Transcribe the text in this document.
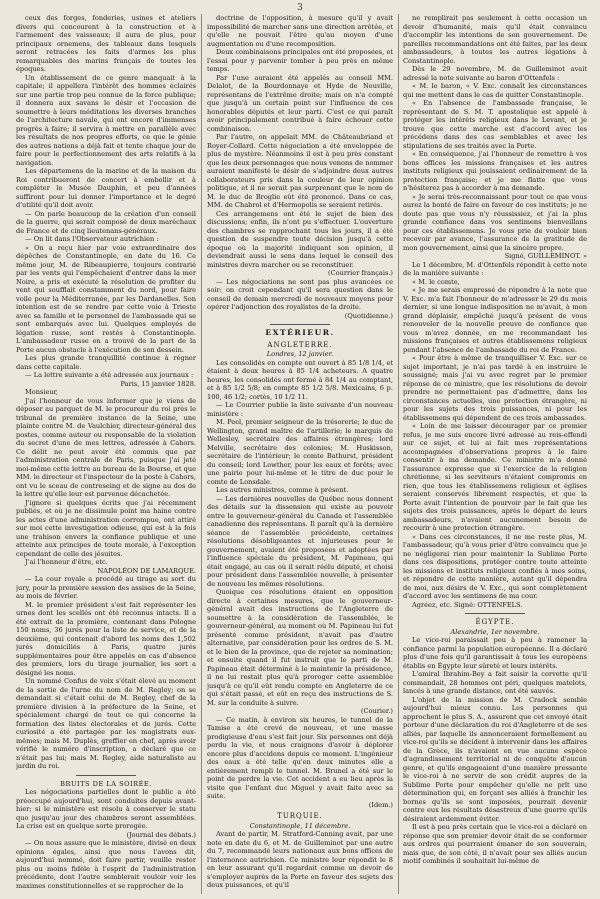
3

ceux des forges, fonderies, usines et ateliers divers qui concourent à la construction et à l'armement des vaisseaux; il aura de plus, pour principaux ornemens, des tableaux dans lesquels seront retracées les faits d'armes les plus remarquables des marins français de toutes les époques.

Un établissement de ce genre manquait à la capitale; il appellera l'intérêt des hommes éclairés sur une partie trop peu connue de la force publique; il donnera aux savans le désir et l'occasion de soumettre à leurs méditations les diverses branches de l'architecture navale, qui ont encore d'immenses progrès à faire; il servira à mettre en parallèle avec les résultats de nos propres efforts, ce que le génie des autres nations a déjà fait et tente chaque jour de faire pour le perfectionnement des arts relatifs à la navigation.

Les départemens de la marine et de la maison du Roi contribueront de concert à embellir et à compléter le Musée Dauphin, et peu d'années suffiront pour lui donner l'importance et le degré d'utilité qu'il doit avoir.

— On parle beaucoup de la création d'un conseil de la guerre, qui serait composé de deux maréchaux de France et de cinq lieutenans-généraux.

— On lit dans l'Observateur autrichien :

« On a reçu hier par voie extraordinaire des dépêches de Constantinople, en date du 16. Ce même jour, M. de Ribeaupierre, toujours contrarié par les vents qui l'empêchaient d'entrer dans la mer Noire, a pris et exécuté la résolution de profiter du vent qui soufflait constamment du nord, pour faire voile pour la Méditerranée, par les Dardanelles. Son intention est de se rendre par cette voie à Trieste avec sa famille et le personnel de l'ambassade qui se sont embarqués avec lui. Quelques employés de légation russe, sont restés à Constantinople. L'ambassadeur russe en a trouvé de la part de la Porte aucun obstacle à l'exécution de son dessein.

Les plus grande tranquillité continue à régner dans cette capitale.

— La lettre suivante a été adressée aux journaux :

Paris, 15 janvier 1828.

Monsieur,

J'ai l'honneur de vous informer que je viens de déposer au parquet de M. le procureur du roi près le tribunal de première instance de la Seine, une plainte contre M. de Vaulchier, directeur-général des postes, comme auteur ou responsable de la violation du secret d'une de mes lettres, adressée à Cahors. Ce délit ne peut avoir été commis que par l'administration centrale de Paris, puisque j'ai jeté moi-même cette lettre au bureau de la Bourse, et que MM. le directeur et l'inspecteur de la poste à Cahors, ont vu le sceau de contreseing et de signe au dos de la lettre qu'elle leur est parvenue décachetée.

J'ignore si quelques écrits que j'ai récemment publiés, et où je ne dissimule point ma haine contre les actes d'une administration corrompue, ont attiré sur moi cette investigation odieuse, qui est à la fois une trahison envers la confiance publique et une atteinte aux principes de toute morale, à l'exception cependant de celle des jésuites.

J'ai l'honneur d'être, etc.

NAPOLÉON DE LAMARQUE.

— La cour royale a procédé au tirage au sort du jury, pour la première session des assises de la Seine, au mois de février.

M. le premier président s'est fait représenter les urnes dont les scellés ont été reconnus intacts. Il a été extrait de la première, contenant dans Pologne 150 noms, 36 jurés pour la liste de service, et de la deuxième, qui contenait d'abord les noms des 1,502 jurés domiciliés à Paris, quatre jurés supplémentaires pour être appelés en cas d'absence des premiers, lors du tirage journalier, les sort a désigné les noms.

Un nommé Confus de voix s'était élevé au moment de la sortie de l'urne du nom de M. Regley; on se demandait si c'était celui de M. Regley, chef de la première division à la préfecture de la Seine, et spécialement chargé de tout ce qui concerne la formation des listes électorales et de jurés. Cette curiosité a été partagée par les magistrats eux-mêmes; mais M. Duplès, greffier en chef, après avoir vérifié le numéro d'inscription, a déclaré que ce n'était pas lui; mais M. Regley, aide naturaliste au jardin du roi.

BRUITS DE LA SOIRÉE.

Les négociations partielles dont le public a été préoccupé aujourd'hui, sont conduites depuis avant-hier; si le ministère est résolu à conserver le statu quo jusqu'au jour des chambres seront assemblées. La crise est en quelque sorte prorogée.

(Journal des débats.)

— On nous assure que le ministère, divisé en deux opinions égales, ainsi que nous l'avons dit, aujourd'hui nommé, doit faire partir, veuille rester plus ou moins fidèle à l'esprit de l'administration précédente, dont l'autre semblerait vouloir voir les maximes constitutionnelles et se rapprocher de la

doctrine de l'opposition, à mesure qu'il y avait impossibilité de marcher sans une direction arrêtée, et qu'elle ne pouvait l'être qu'au moyen d'une augmentation ou d'une recomposition.

Deux combinaisons principales ont été proposées, et l'essai pour y parvenir tomber à peu près en même temps.

Par l'une auraient été appelés au conseil MM. Delalot, de la Bourdonnaye et Hyde de Neuville, représentans de l'extrême droite; mais on n'a compté que jusqu'à un certain point sur l'influence de ces honorables députés et leur parti. C'est ce qui paraît avoir principalement contribué à faire échouer cette combinaison.

Par l'autre, on appelait MM. de Châteaubriand et Royer-Collard. Cette négociation a été enveloppée de plus de mystère. Néanmoins il est à peu près constant que les deux personnages que nous venons de nommer auraient manifesté le désir de s'adjoindre deux autres collaborateurs pris dans la couleur de leur opinion politique, et il ne serait pas surprenant que le nom de M. le duc de Broglie eût été prononcé. Dans ce cas, MM. de Chabrol et d'Hermopolis se seraient retirés.

Ces arrangemens ont été le sujet de bien des discussions; enfin, ils n'ont pu s'effectuer. L'ouverture des chambres se rapprochant tous les jours, il a été question de suspendre toute décision jusqu'à cette époque où la majorité indiquant son opinion, il deviendrait aussi le sens dans lequel le conseil des ministres devra marcher ou se reconstituer.

(Courrier français.)

— Les négociations ne sont pas plus avancées ce soir: on croit cependant qu'il sera question dans le conseil de demain mercredi de nouveaux moyens pour opérer l'adjonction des royalistes de la droite.

(Quotidienne.)

EXTÉRIEUR.

ANGLETERRE.

Londres, 12 janvier.

Les consolidés en compte ont ouvert à 85 1/8 1/4, et étaient à deux heures à 85 1/4 acheteurs. A quatre heures, les consolidés ont fermé à 84 1/4 au comptant, et à 85 1/2 5/8; en compte 85 1/2 5/8. Mexicains, 6 p. 100, 46 1/2; cortès, 10 1/2 11.

— Le Courrier publie la liste suivante d'un nouveau ministère :

M. Peel, premier seigneur de la trésorerie; le duc de Wellington, grand maître de l'artillerie; le marquis de Wellesley, secrétaire des affaires étrangères; lord Melville, secrétaire des colonies; M. Huskisson, secrétaire de l'intérieur; le comte Bathurst, président du conseil; lord Lowther, pour les eaux et forêts; avec une pairie pour lui-même et le titre de duc pour le comte de Lonsdale.

Les autres ministres, comme à présent.

— Les dernières nouvelles de Québec nous donnent des détails sur la dissension qui existe au pouvoir entre le gouverneur-général du Canada et l'assemblée canadienne des représentans. Il paraît qu'à la dernière séance de l'assemblée précédente, certaines résolutions désobligeantes et injurieuses pour le gouvernement, avaient été proposées et adoptées par l'influence spéciale du président, M. Papineau, qui était engagé, au cas où il serait réélu député, et choisi pour président dans l'assemblée nouvelle, à présenter de nouveau les mêmes résolutions.

Quoique ces résolutions étaient en opposition directe à certaines mesures, que le gouverneur-général avait des instructions de l'Angleterre de soumettre à la considération de l'assemblée, le gouverneur-général, au moment où M. Papineau lui fut présenté comme président, n'avait pas d'autre alternative, par considération pour les ordres de S. M. et le bien de la province, que de rejeter sa nomination; et ensuite quand il fut instruit que le parti de M. Papineau était déterminé à le maintenir la présidence, il ne lui restait plus qu'à proroger cette assemblée jusqu'à ce qu'il eût rendu compte en Angleterre de ce qui s'était passé, et eût en reçu des instructions de S. M. sur la conduite à suivre.

(Courier.)

— Ce matin, à environ six heures, le tunnel de la Tamise a été crevé de nouveau, et une masse prodigieuse d'eau s'est fait jour. Six personnes ont déjà perdu la vie, et nous craignons d'avoir à déplorer encore plus d'accidens depuis ce moment. L'ingénieur des eaux a été telle qu'en deux minutes elle a entièrement rempli le tunnel. M. Brunel a été sur le point de perdre la vie. Cet accident a eu lieu après la visite que l'enfant duc Miguel y avait faite avec sa suite.

(Idem.)

TURQUIE.

Constantinople, 11 décembre.

Avant de partir, M. Stratford-Canning avait, par une note en date du 6, et M. de Guilleminot par une autre du 7, recommandé leurs nationaux aux bons offices de l'internonce autrichien. Ce ministre leur répondit le 8 en leur assurant qu'il regardait comme un devoir de s'employer auprès de la Porte en faveur des sujets des deux puissances, et qu'il

ne remplirait pas seulement à cette occasion un devoir d'humanité, mais qu'il était convaincu d'accomplir les intentions de son gouvernement. De pareilles recommandations ont été faites, par les deux ambassadeurs, à toutes les autres légations à Constantinople.

Dès le 29 novembre, M. de Guilleminot avait adressé la note suivante au baron d'Ottenfels :

« M. le baron, « V. Exc. connaît les circonstances qui me mettent dans le cas de quitter Constantinople.

« En l'absence de l'ambassade française, le représentant de S. M. T. apostolique est appelé à protéger les intérêts religieux dans le Levant, et je trouve que cette marche est d'accord avec les précédens dans des cas semblables et avec les stipulations de ses traités avec la Porte.

« En conséquence, j'ai l'honneur de remettre à vos bons offices les missions françaises et les autres instituts religieux qui jouissaient ordinairement de la protection française; et je me flatte que vous n'hésiterez pas à accorder à ma demande.

« Je serai très-reconnaissant pour tout ce que vous aurez la bonté de faire en faveur de ces instituts; je ne doute pas que vous n'y réussissiez, et j'ai la plus grande confiance dans vos sentimens bienveillans pour ces établissemens. Je vous prie de vouloir bien recevoir par avance, l'assurance de la gratitude de mon gouvernement, ainsi que la sincère propre.

Signé, GUILLEMINOT. »

Le 1 décembre, M. d'Ottenfels répondit à cette note de la manière suivante :

« M. le comte,

« Je me serais empressé de répondre à la note que V. Exc. m'a fait l'honneur de m'adresser le 29 du mois dernier, si une longue indisposition ne m'avait, à mon grand déplaisir, empêché jusqu'à présent de vous renouveler de la nouvelle preuve de confiance que vous m'avez donnée, en me recommandant les missions françaises et autres établissemens religieux pendant l'absence de l'ambassade du roi de France.

« Pour être à même de tranquilliser V. Exc. sur ce sujet important, je n'ai pas tardé à en instruire le soussigné; mais j'ai vu avec regret par le premier réponse de ce ministre, que les résolutions de devoir prendre ne permettaient pas d'admettre, dans les circonstances actuelles, une protection étrangère, ni pour les sujets des trois puissances, ni pour les établissemens qui dépendent de ces trois ambassades.

« Loin de me laisser décourager par ce premier refus, je me suis encore livré adressé au reis-effendi sur ce sujet, et lui ai fait mes représentations accompagnées d'observations propres à le faire consentir à ma demande. Ce ministre m'a donné l'assurance expresse que si l'exercice de la religion chrétienne, si les serviteurs n'étaient compromis en rien, que tous les établissemens religieux et églises seraient conservés librement respectés, et que la Porte avait l'intention de pourvoir par le fait que les sujets des trois puissances, après le départ de leurs ambassadeurs, n'avaient aucunement besoin de recourir à une protection étrangère.

« Dans ces circonstances, il ne me reste plus, M. l'ambassadeur, qu'à vous prier d'être convaincu que je ne négligerai rien pour maintenir la Sublime Porte dans ces dispositions, protéger contre toute atteinte les missions et instituts religieux confiés à mes soins, et répondre de cette manière, autant qu'il dépendra de moi, aux désirs de V. Exc., qui sont complètement d'accord avec les sentimens de ma cour.

Agréez, etc. Signé: OTTENFELS.

ÉGYPTE.

Alexandrie, 1er novembre.

Le vice-roi paraissait peu à peu à ramener la confiance parmi la population européenne. Il a déclaré plus d'une fois qu'il garantissait à tous les européens établis en Égypte leur sûreté et leurs intérêts.

L'amiral Ibrahim-Bey a fait saisir la corvette qu'il commandait, 28 hommes ont péri, quelques matelots, lancés à une grande distance, ont été sauvés.

L'objet de la mission de M. Cradock semble aujourd'hui mieux connu. Les personnes qui approchent le plus S. A., assurent que cet envoyé était porteur d'une déclaration du roi d'Angleterre et de ses alliés, par laquelle ils annonceraient formellement au vice-roi qu'ils se décident à intervenir dans les affaires de la Grèce, ils n'avaient en vue aucune espèce d'agrandissement territorial ni de conquête d'aucun genre, et qu'ils engageaient d'une manière pressante le vice-roi à ne servir de son crédit auprès de la Sublime Porte pour empêcher qu'elle ne prît une détermination qui, en forçant ses alliés à franchir les bornes qu'ils se sont imposées, pourrait devenir contre eux les résultats désastreux d'une guerre qu'ils désiraient ardemment éviter.

Il est à peu près certain que le vice-roi a déclaré en réponse que son premier devoir était de se conformer aux ordres qui pourraient émaner de son souverain, mais que, de son côté, il n'avait pour ses alliés aucun motif combinés il souhaitait lui-même de
